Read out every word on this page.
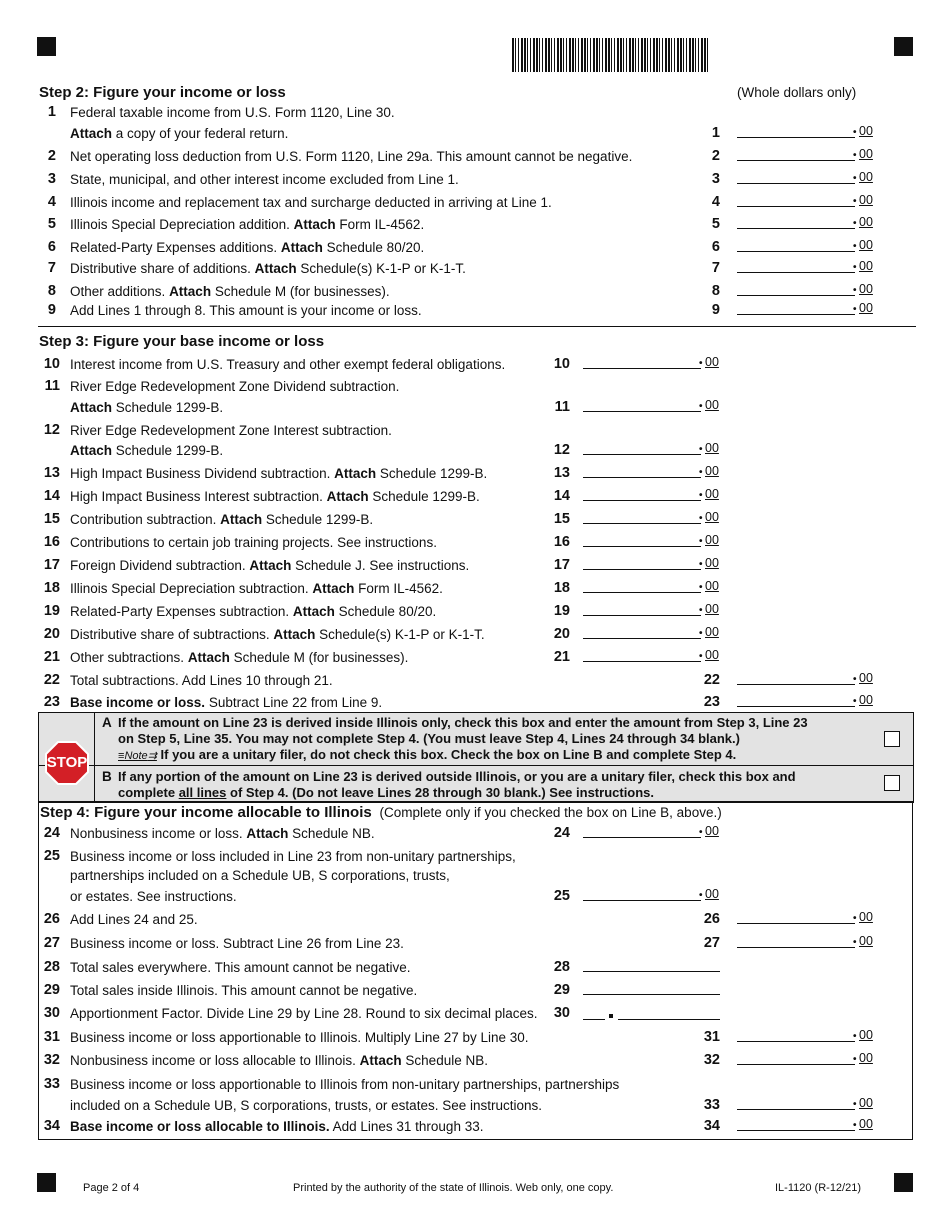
(Whole dollars only)
Step 2: Figure your income or loss
1 Federal taxable income from U.S. Form 1120, Line 30.
Attach a copy of your federal return.	1	• 00
2 Net operating loss deduction from U.S. Form 1120, Line 29a. This amount cannot be negative.	2	• 00
3 State, municipal, and other interest income excluded from Line 1.	3	• 00
4 Illinois income and replacement tax and surcharge deducted in arriving at Line 1.	4	• 00
5 Illinois Special Depreciation addition. Attach Form IL-4562.	5	• 00
6 Related-Party Expenses additions. Attach Schedule 80/20.	6	• 00
7 Distributive share of additions. Attach Schedule(s) K-1-P or K-1-T.	7	• 00
8 Other additions. Attach Schedule M (for businesses).	8	• 00
9 Add Lines 1 through 8. This amount is your income or loss.	9	• 00
Step 3: Figure your base income or loss
10 Interest income from U.S. Treasury and other exempt federal obligations.	10	• 00
11 River Edge Redevelopment Zone Dividend subtraction.
Attach Schedule 1299-B.	11	• 00
12 River Edge Redevelopment Zone Interest subtraction.
Attach Schedule 1299-B.	12	• 00
13 High Impact Business Dividend subtraction. Attach Schedule 1299-B.	13	• 00
14 High Impact Business Interest subtraction. Attach Schedule 1299-B.	14	• 00
15 Contribution subtraction. Attach Schedule 1299-B.	15	• 00
16 Contributions to certain job training projects. See instructions.	16	• 00
17 Foreign Dividend subtraction. Attach Schedule J. See instructions.	17	• 00
18 Illinois Special Depreciation subtraction. Attach Form IL-4562.	18	• 00
19 Related-Party Expenses subtraction. Attach Schedule 80/20.	19	• 00
20 Distributive share of subtractions. Attach Schedule(s) K-1-P or K-1-T.	20	• 00
21 Other subtractions. Attach Schedule M (for businesses).	21	• 00
22 Total subtractions. Add Lines 10 through 21.	22	• 00
23 Base income or loss. Subtract Line 22 from Line 9.	23	• 00
STOP
A If the amount on Line 23 is derived inside Illinois only, check this box and enter the amount from Step 3, Line 23
on Step 5, Line 35. You may not complete Step 4. (You must leave Step 4, Lines 24 through 34 blank.)
≡Note⇉ If you are a unitary filer, do not check this box. Check the box on Line B and complete Step 4.
B If any portion of the amount on Line 23 is derived outside Illinois, or you are a unitary filer, check this box and
complete all lines of Step 4. (Do not leave Lines 28 through 30 blank.) See instructions.
Step 4: Figure your income allocable to Illinois (Complete only if you checked the box on Line B, above.)
24 Nonbusiness income or loss. Attach Schedule NB.	24	• 00
25 Business income or loss included in Line 23 from non-unitary partnerships,
partnerships included on a Schedule UB, S corporations, trusts,
or estates. See instructions.	25	• 00
26 Add Lines 24 and 25.	26	• 00
27 Business income or loss. Subtract Line 26 from Line 23.	27	• 00
28 Total sales everywhere. This amount cannot be negative.	28
29 Total sales inside Illinois. This amount cannot be negative.	29
30 Apportionment Factor. Divide Line 29 by Line 28. Round to six decimal places.	30
31 Business income or loss apportionable to Illinois. Multiply Line 27 by Line 30.	31	• 00
32 Nonbusiness income or loss allocable to Illinois. Attach Schedule NB.	32	• 00
33 Business income or loss apportionable to Illinois from non-unitary partnerships, partnerships
included on a Schedule UB, S corporations, trusts, or estates. See instructions.	33	• 00
34 Base income or loss allocable to Illinois. Add Lines 31 through 33.	34	• 00
Page 2 of 4	Printed by the authority of the state of Illinois. Web only, one copy.	IL-1120 (R-12/21)
